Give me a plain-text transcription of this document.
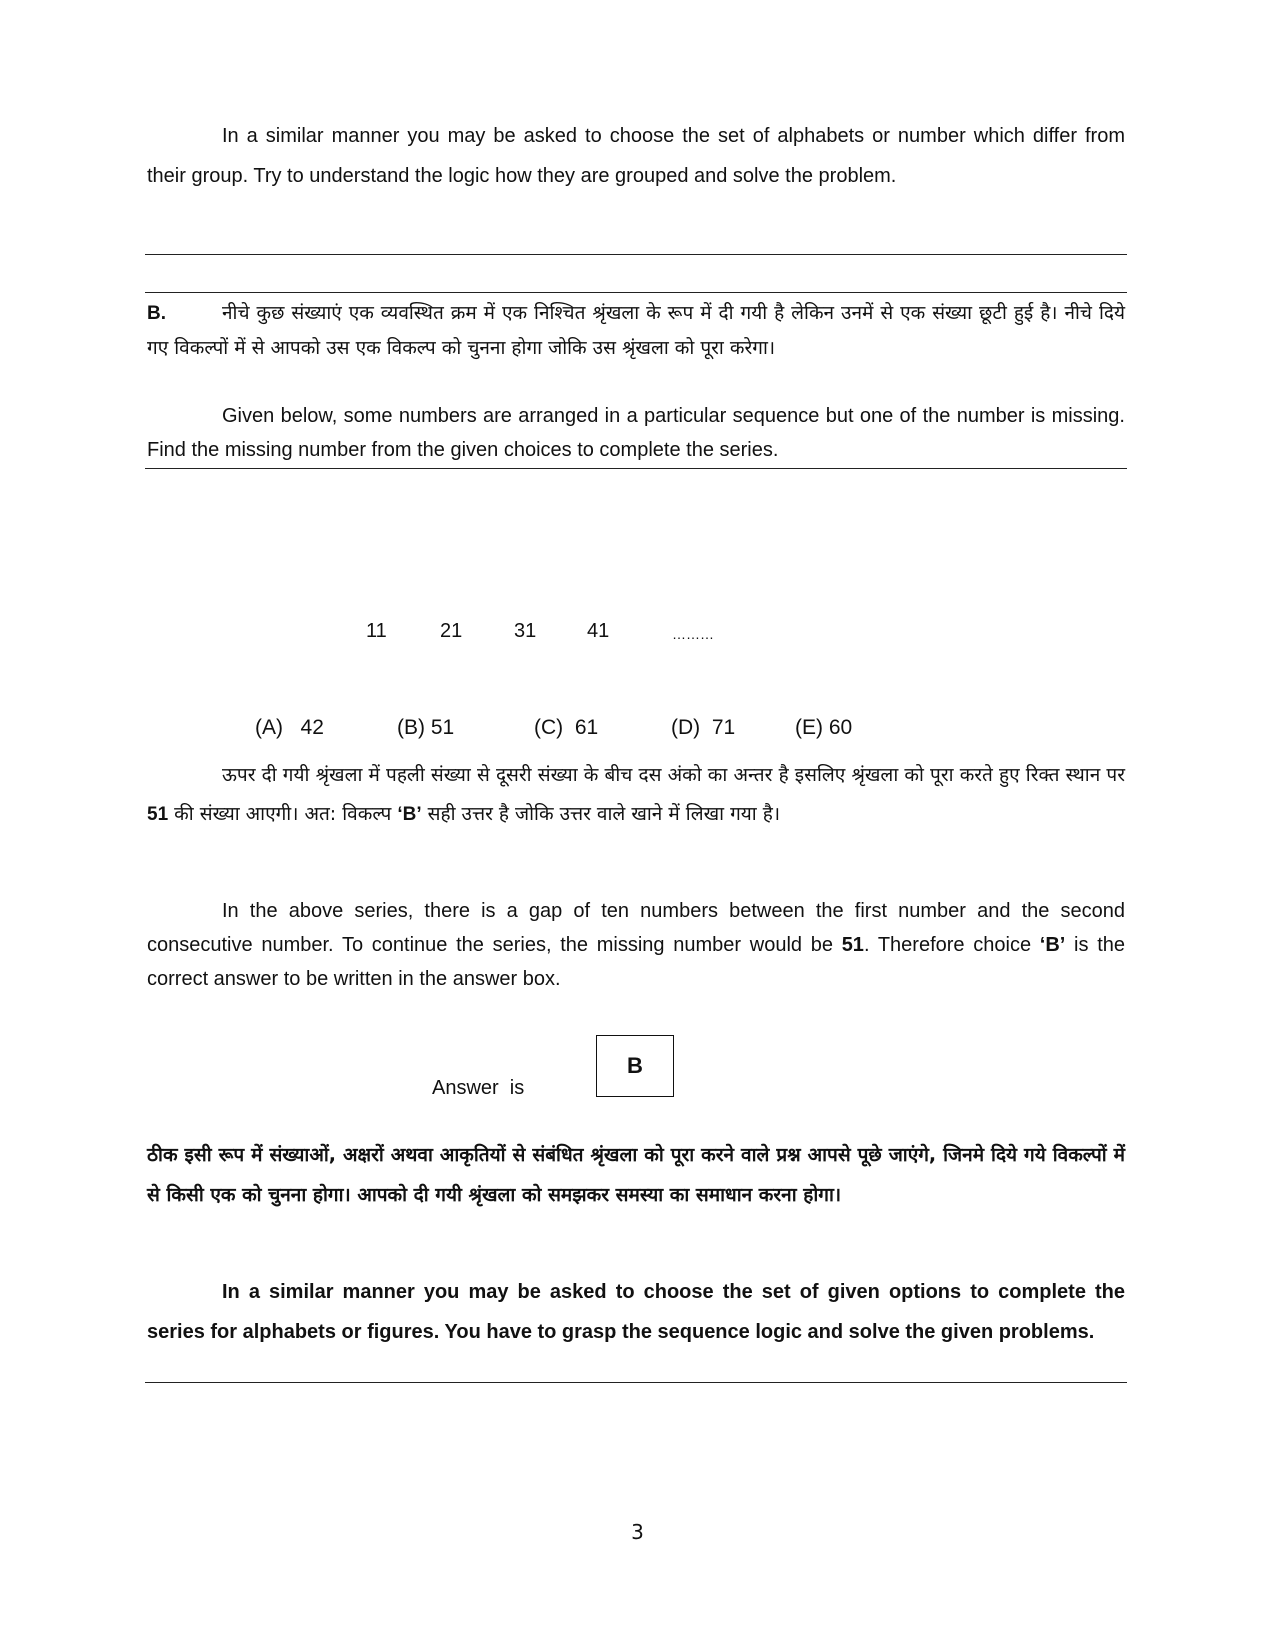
In a similar manner you may be asked to choose the set of alphabets or number which differ from their group. Try to understand the logic how they are grouped and solve the problem.

B.	नीचे कुछ संख्याएं एक व्यवस्थित क्रम में एक निश्चित श्रृंखला के रूप में दी गयी है लेकिन उनमें से एक संख्या छूटी हुई है। नीचे दिये गए विकल्पों में से आपको उस एक विकल्प को चुनना होगा जोकि उस श्रृंखला को पूरा करेगा।

Given below, some numbers are arranged in a particular sequence but one of the number is missing. Find the missing number from the given choices to complete the series.

11	21	31	41	………
(A) 42	(B) 51	(C) 61	(D) 71	(E) 60

ऊपर दी गयी श्रृंखला में पहली संख्या से दूसरी संख्या के बीच दस अंको का अन्तर है इसलिए श्रृंखला को पूरा करते हुए रिक्त स्थान पर 51 की संख्या आएगी। अत: विकल्प ‘B’ सही उत्तर है जोकि उत्तर वाले खाने में लिखा गया है।

In the above series, there is a gap of ten numbers between the first number and the second consecutive number. To continue the series, the missing number would be 51. Therefore choice ‘B’ is the correct answer to be written in the answer box.

Answer  is
B

ठीक इसी रूप में संख्याओं, अक्षरों अथवा आकृतियों से संबंधित श्रृंखला को पूरा करने वाले प्रश्न आपसे पूछे जाएंगे, जिनमे दिये गये विकल्पों में से किसी एक को चुनना होगा। आपको दी गयी श्रृंखला को समझकर समस्या का समाधान करना होगा।

In a similar manner you may be asked to choose the set of given options to complete the series for alphabets or figures. You have to grasp the sequence logic and solve the given problems.

3
